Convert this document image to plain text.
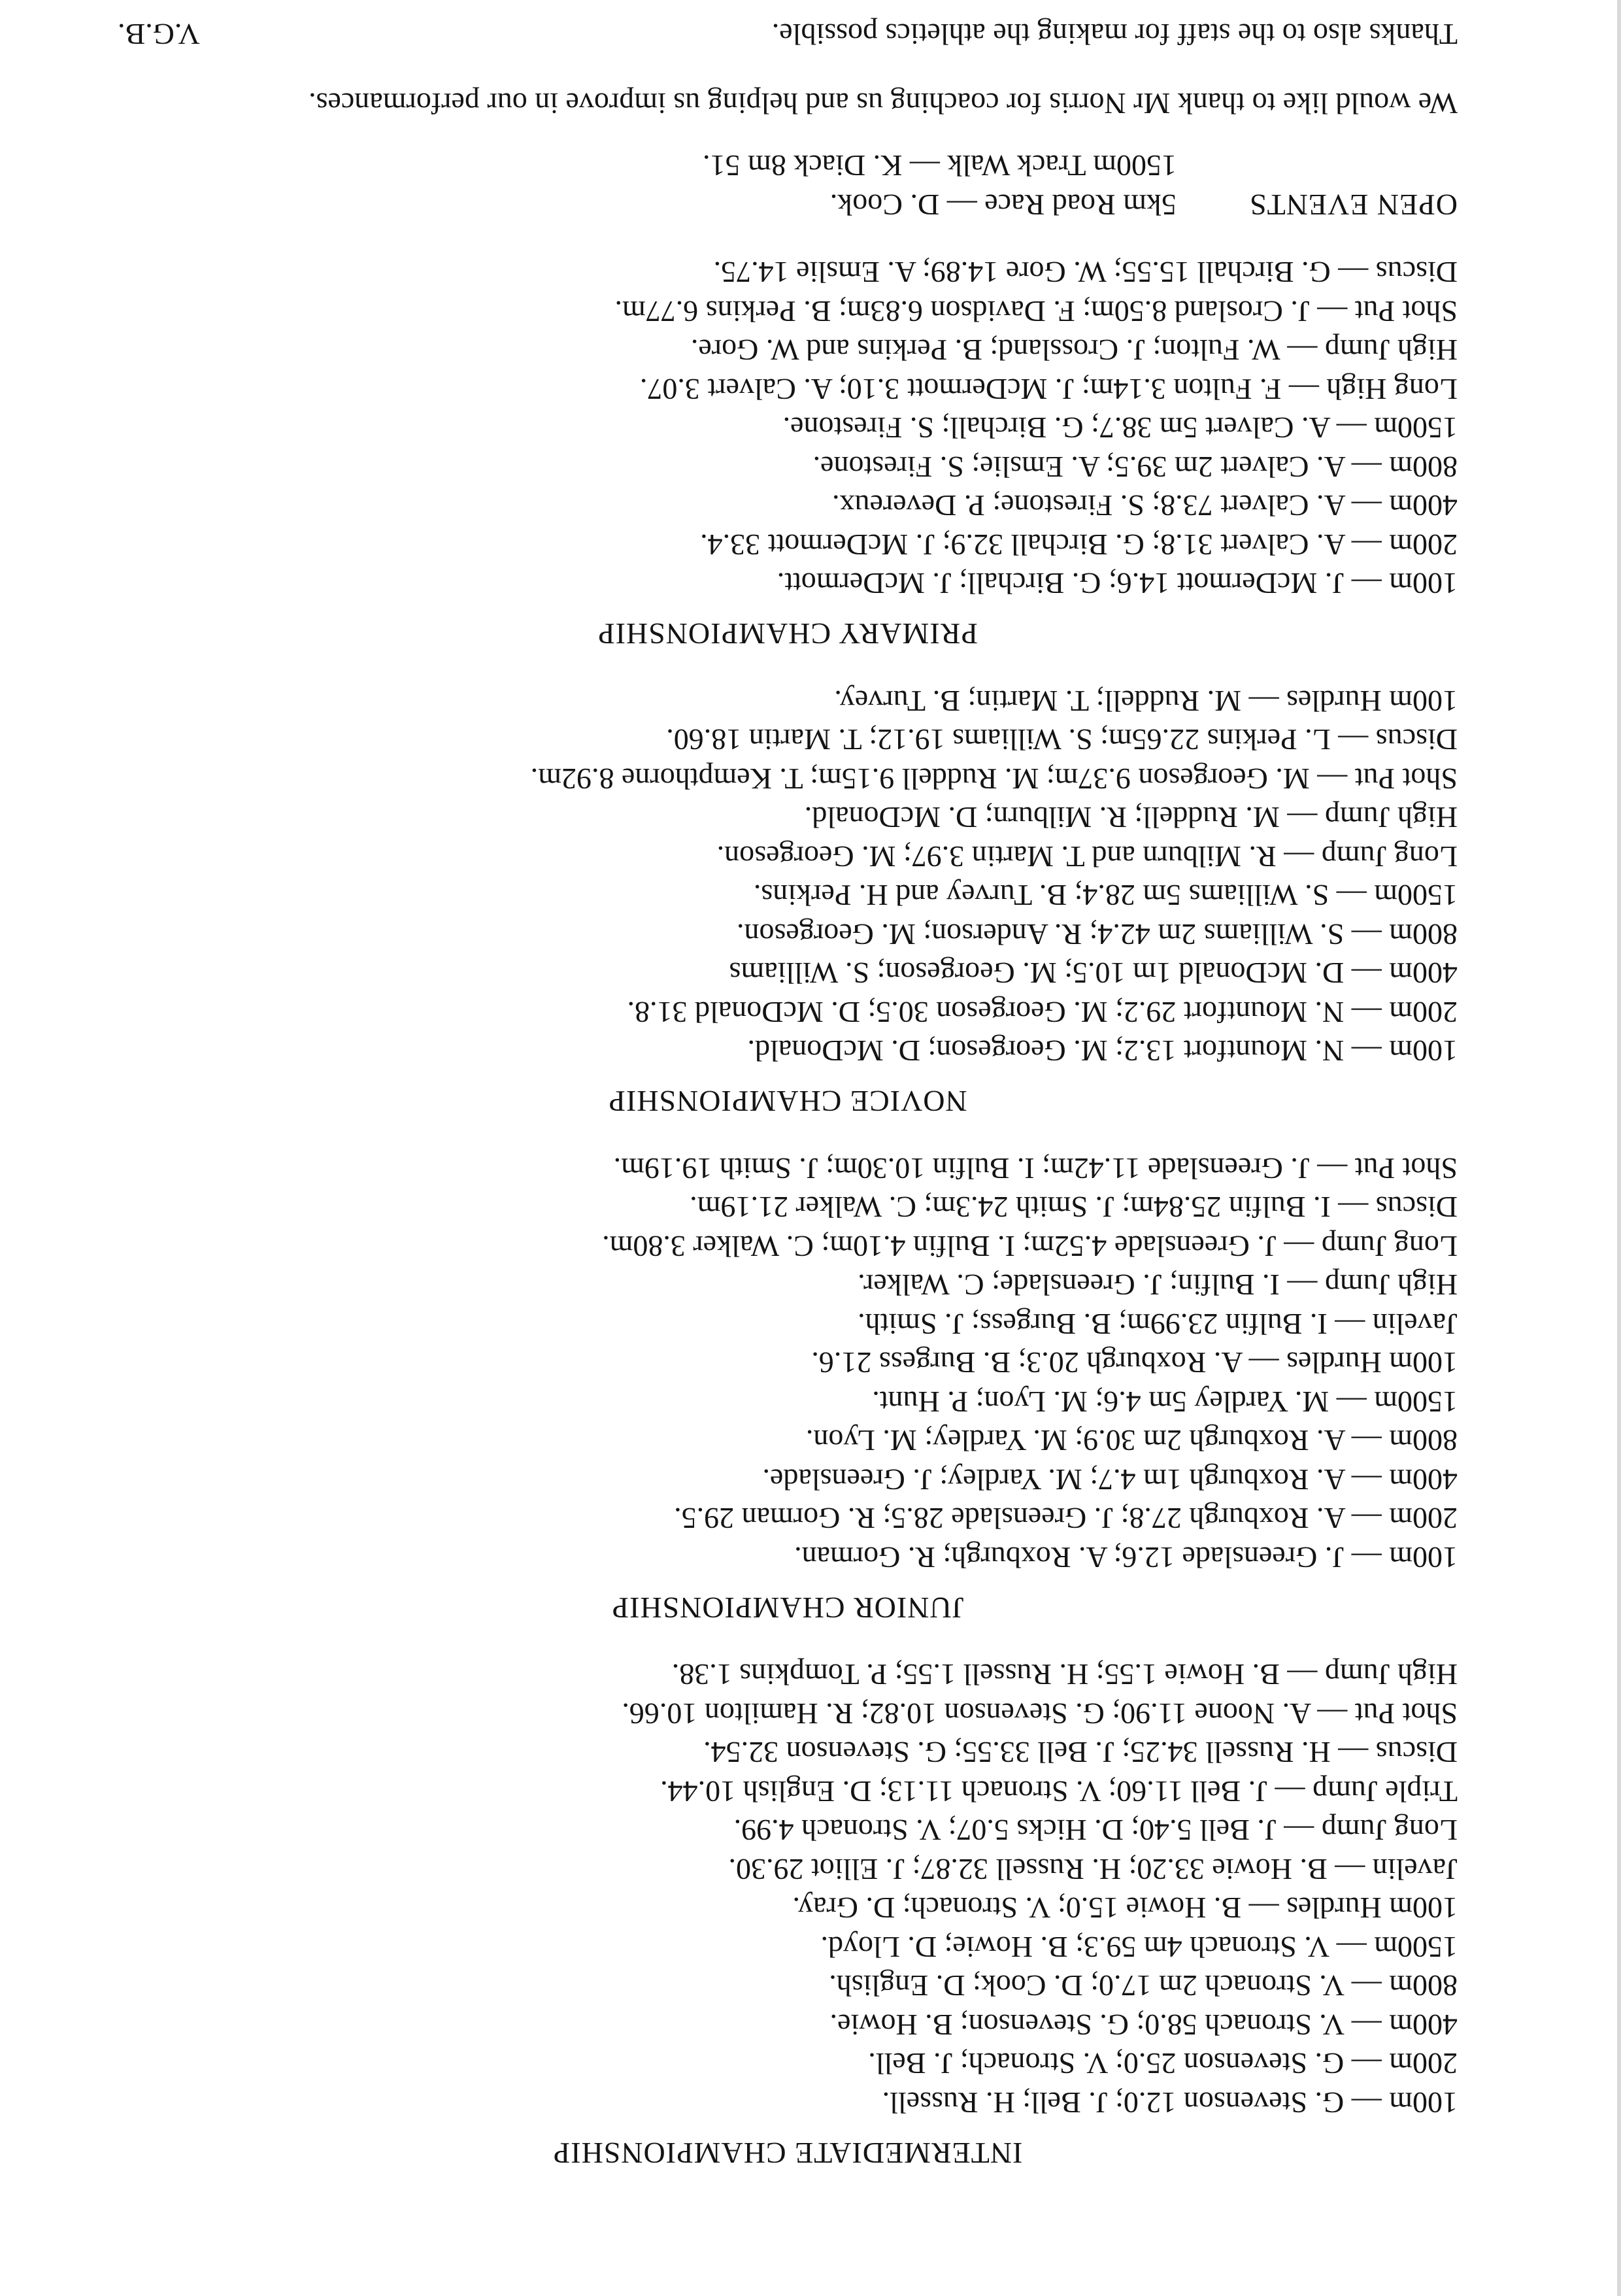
INTERMEDIATE CHAMPIONSHIP

100m — G. Stevenson 12.0; J. Bell; H. Russell.

200m — G. Stevenson 25.0; V. Stronach; J. Bell.

400m — V. Stronach 58.0; G. Stevenson; B. Howie.

800m — V. Stronach 2m 17.0; D. Cook; D. English.

1500m — V. Stronach 4m 59.3; B. Howie; D. Lloyd.

100m Hurdles — B. Howie 15.0; V. Stronach; D. Gray.

Javelin — B. Howie 33.20; H. Russell 32.87; J. Elliot 29.30.

Long Jump — J. Bell 5.40; D. Hicks 5.07; V. Stronach 4.99.

Triple Jump — J. Bell 11.60; V. Stronach 11.13; D. English 10.44.

Discus — H. Russell 34.25; J. Bell 33.55; G. Stevenson 32.54.

Shot Put — A. Noone 11.90; G. Stevenson 10.82; R. Hamilton 10.66.

High Jump — B. Howie 1.55; H. Russell 1.55; P. Tompkins 1.38.

JUNIOR CHAMPIONSHIP

100m — J. Greenslade 12.6; A. Roxburgh; R. Gorman.

200m — A. Roxburgh 27.8; J. Greenslade 28.5; R. Gorman 29.5.

400m — A. Roxburgh 1m 4.7; M. Yardley; J. Greenslade.

800m — A. Roxburgh 2m 30.9; M. Yardley; M. Lyon.

1500m — M. Yardley 5m 4.6; M. Lyon; P. Hunt.

100m Hurdles — A. Roxburgh 20.3; B. Burgess 21.6.

Javelin — I. Bulfin 23.99m; B. Burgess; J. Smith.

High Jump — I. Bulfin; J. Greenslade; C. Walker.

Long Jump — J. Greenslade 4.52m; I. Bulfin 4.10m; C. Walker 3.80m.

Discus — I. Bulfin 25.84m; J. Smith 24.3m; C. Walker 21.19m.

Shot Put — J. Greenslade 11.42m; I. Bulfin 10.30m; J. Smith 19.19m.

NOVICE CHAMPIONSHIP

100m — N. Mountfort 13.2; M. Georgeson; D. McDonald.

200m — N. Mountfort 29.2; M. Georgeson 30.5; D. McDonald 31.8.

400m — D. McDonald 1m 10.5; M. Georgeson; S. Williams

800m — S. Williams 2m 42.4; R. Anderson; M. Georgeson.

1500m — S. Williams 5m 28.4; B. Turvey and H. Perkins.

Long Jump — R. Milburn and T. Martin 3.97; M. Georgeson.

High Jump — M. Ruddell; R. Milburn; D. McDonald.

Shot Put — M. Georgeson 9.37m; M. Ruddell 9.15m; T. Kempthorne 8.92m.

Discus — L. Perkins 22.65m; S. Williams 19.12; T. Martin 18.60.

100m Hurdles — M. Ruddell; T. Martin; B. Turvey.

PRIMARY CHAMPIONSHIP

100m — J. McDermott 14.6; G. Birchall; J. McDermott.

200m — A. Calvert 31.8; G. Birchall 32.9; J. McDermott 33.4.

400m — A. Calvert 73.8; S. Firestone; P. Devereux.

800m — A. Calvert 2m 39.5; A. Emslie; S. Firestone.

1500m — A. Calvert 5m 38.7; G. Birchall; S. Firestone.

Long High — F. Fulton 3.14m; J. McDermott 3.10; A. Calvert 3.07.

High Jump — W. Fulton; J. Crossland; B. Perkins and W. Gore.

Shot Put — J. Crosland 8.50m; F. Davidson 6.83m; B. Perkins 6.77m.

Discus — G. Birchall 15.55; W. Gore 14.89; A. Emslie 14.75.

OPEN EVENTS
5km Road Race — D. Cook.
1500m Track Walk — K. Diack 8m 51.

We would like to thank Mr Norris for coaching us and helping us improve in our performances.

Thanks also to the staff for making the athletics possible.
V.G.B.
